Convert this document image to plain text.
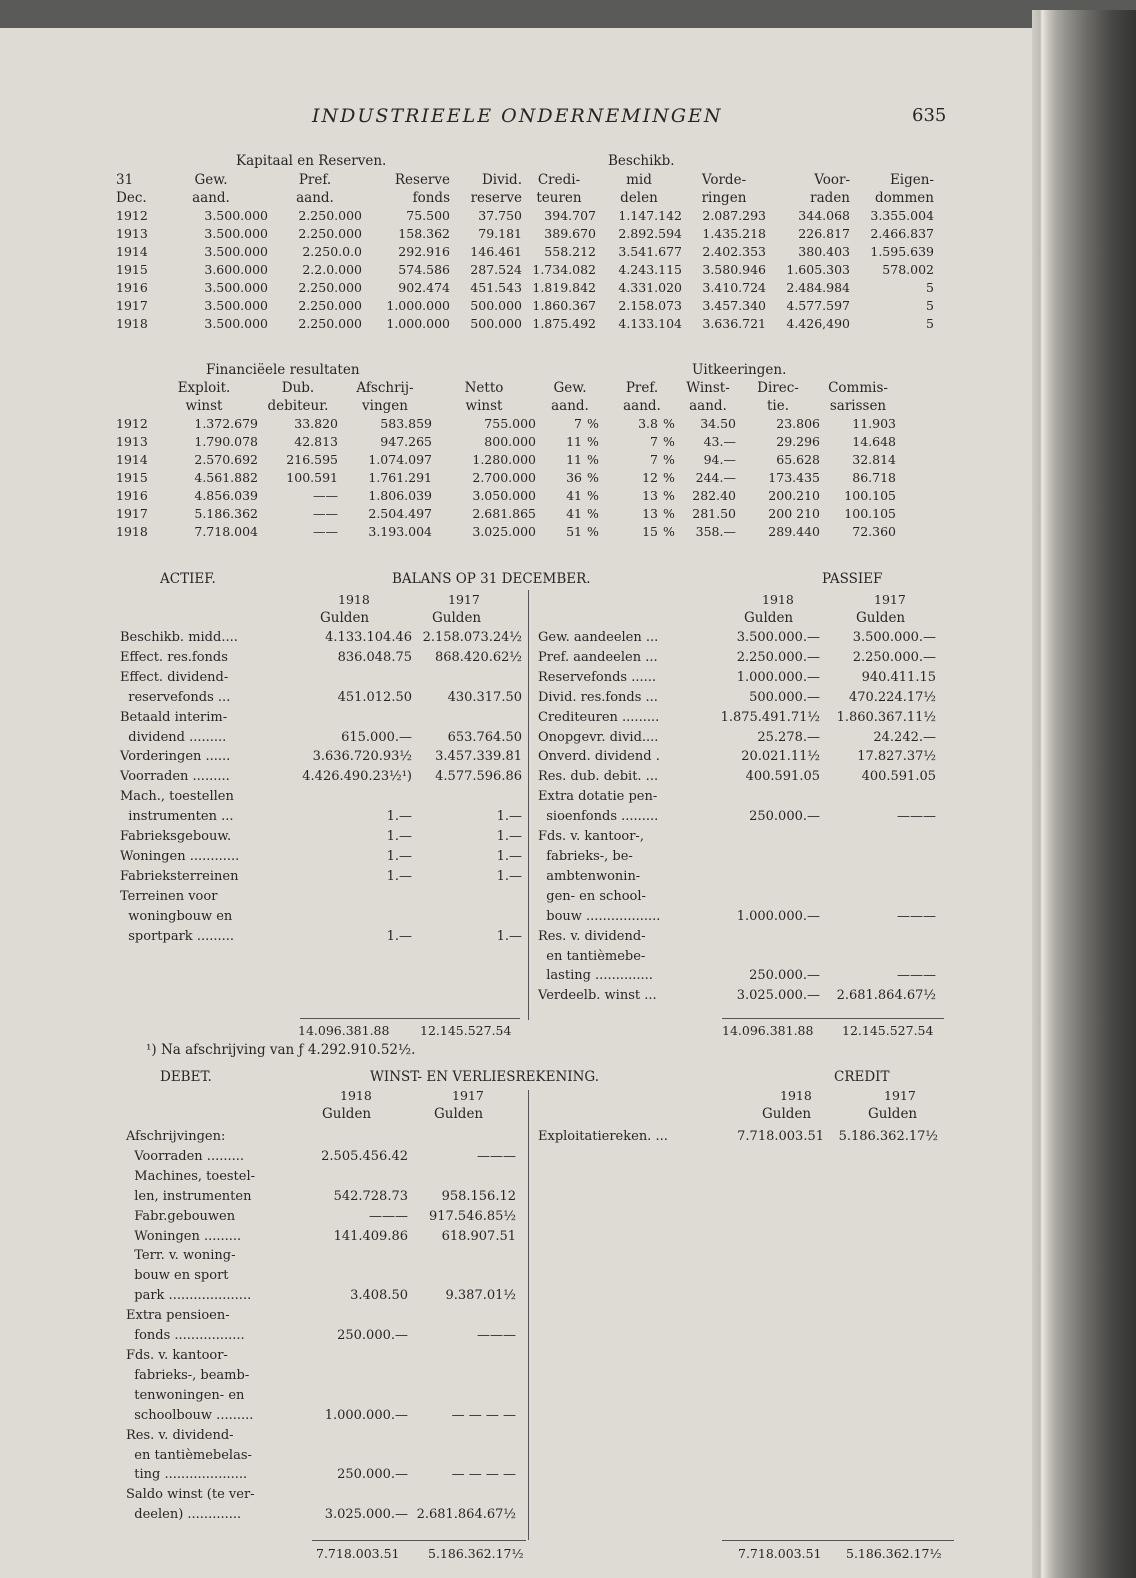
INDUSTRIEELE ONDERNEMINGEN	635
Kapitaal en Reserven.	Beschikb.
31	Gew.	Pref.	Reserve	Divid.	Credi-	mid	Vorde-	Voor-	Eigen-
Dec.	aand.	aand.	fonds	reserve	teuren	delen	ringen	raden	dommen
1912	3.500.000	2.250.000	75.500	37.750	394.707	1.147.142	2.087.293	344.068	3.355.004
1913	3.500.000	2.250.000	158.362	79.181	389.670	2.892.594	1.435.218	226.817	2.466.837
1914	3.500.000	2.250.0.0	292.916	146.461	558.212	3.541.677	2.402.353	380.403	1.595.639
1915	3.600.000	2.2.0.000	574.586	287.524	1.734.082	4.243.115	3.580.946	1.605.303	578.002
1916	3.500.000	2.250.000	902.474	451.543	1.819.842	4.331.020	3.410.724	2.484.984	5
1917	3.500.000	2.250.000	1.000.000	500.000	1.860.367	2.158.073	3.457.340	4.577.597	5
1918	3.500.000	2.250.000	1.000.000	500.000	1.875.492	4.133.104	3.636.721	4.426,490	5
Financiëele resultaten	Uitkeeringen.
	Exploit.	Dub.	Afschrij-	Netto	Gew.		Pref.		Winst-	Direc-	Commis-
	winst	debiteur.	vingen	winst	aand.		aand.		aand.	tie.	sarissen
1912	1.372.679	33.820	583.859	755.000	7	%	3.8	%	34.50	23.806	11.903
1913	1.790.078	42.813	947.265	800.000	11	%	7	%	43.—	29.296	14.648
1914	2.570.692	216.595	1.074.097	1.280.000	11	%	7	%	94.—	65.628	32.814
1915	4.561.882	100.591	1.761.291	2.700.000	36	%	12	%	244.—	173.435	86.718
1916	4.856.039	——	1.806.039	3.050.000	41	%	13	%	282.40	200.210	100.105
1917	5.186.362	——	2.504.497	2.681.865	41	%	13	%	281.50	200 210	100.105
1918	7.718.004	——	3.193.004	3.025.000	51	%	15	%	358.—	289.440	72.360
ACTIEF.	BALANS OP 31 DECEMBER.	PASSIEF
1918	1917
Gulden	Gulden
1918	1917
Gulden	Gulden
Beschikb. midd....	4.133.104.46	2.158.073.24½
Effect. res.fonds	836.048.75	868.420.62½
Effect. dividend-		
reservefonds ...	451.012.50	430.317.50
Betaald interim-		
dividend .........	615.000.—	653.764.50
Vorderingen ......	3.636.720.93½	3.457.339.81
Voorraden .........	4.426.490.23½¹)	4.577.596.86
Mach., toestellen		
instrumenten ...	1.—	1.—
Fabrieksgebouw.	1.—	1.—
Woningen ............	1.—	1.—
Fabrieksterreinen	1.—	1.—
Terreinen voor		
woningbouw en		
sportpark .........	1.—	1.—
Gew. aandeelen ...	3.500.000.—	3.500.000.—
Pref. aandeelen ...	2.250.000.—	2.250.000.—
Reservefonds ......	1.000.000.—	940.411.15
Divid. res.fonds ...	500.000.—	470.224.17½
Crediteuren .........	1.875.491.71½	1.860.367.11½
Onopgevr. divid....	25.278.—	24.242.—
Onverd. dividend .	20.021.11½	17.827.37½
Res. dub. debit. ...	400.591.05	400.591.05
Extra dotatie pen-		
sioenfonds .........	250.000.—	———
Fds. v. kantoor-,		
fabrieks-, be-		
ambtenwonin-		
gen- en school-		
bouw ..................	1.000.000.—	———
Res. v. dividend-		
en tantièmebe-		
lasting ..............	250.000.—	———
Verdeelb. winst ...	3.025.000.—	2.681.864.67½
14.096.381.88 12.145.527.54	14.096.381.88 12.145.527.54
¹) Na afschrijving van ƒ 4.292.910.52½.
DEBET.	WINST- EN VERLIESREKENING.	CREDIT
1918	1917
Gulden	Gulden
1918	1917
Gulden	Gulden
Afschrijvingen:		
Voorraden .........	2.505.456.42	———
Machines, toestel-		
len, instrumenten	542.728.73	958.156.12
Fabr.gebouwen	———	917.546.85½
Woningen .........	141.409.86	618.907.51
Terr. v. woning-		
bouw en sport		
park ....................	3.408.50	9.387.01½
Extra pensioen-		
fonds .................	250.000.—	———
Fds. v. kantoor-		
fabrieks-, beamb-		
tenwoningen- en		
schoolbouw .........	1.000.000.—	— — — —
Res. v. dividend-		
en tantièmebelas-		
ting ....................	250.000.—	— — — —
Saldo winst (te ver-		
deelen) .............	3.025.000.—	2.681.864.67½
Exploitatiereken. ...	7.718.003.51	5.186.362.17½
7.718.003.51 5.186.362.17½	7.718.003.51 5.186.362.17½
